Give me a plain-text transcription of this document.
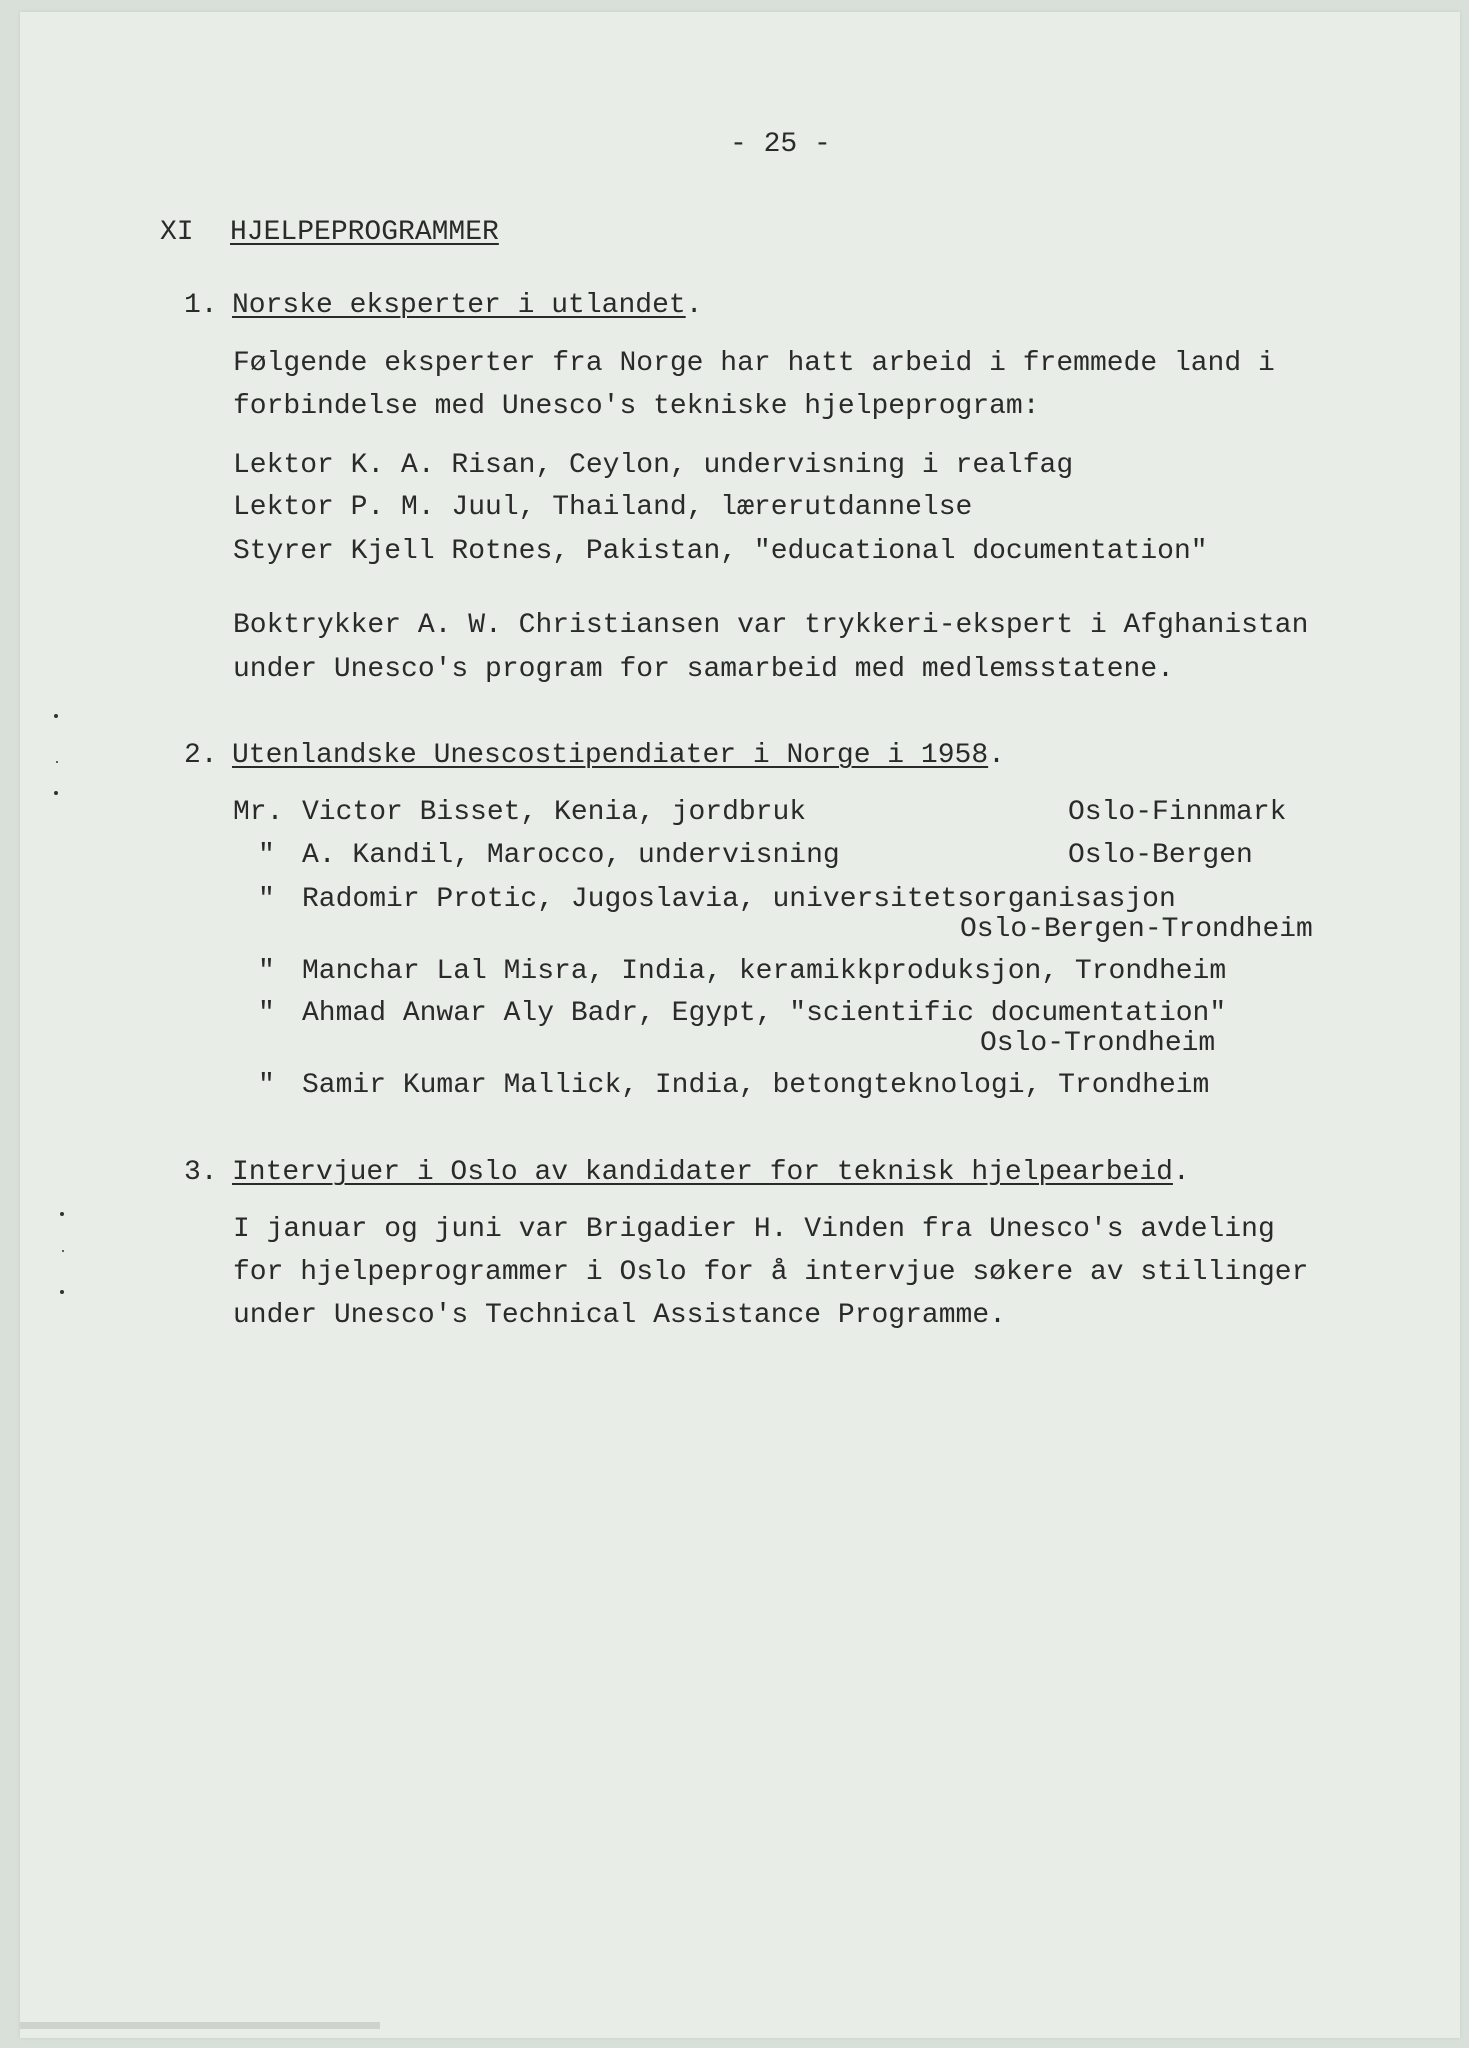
- 25 -
XI HJELPEPROGRAMMER
1. Norske eksperter i utlandet.
Følgende eksperter fra Norge har hatt arbeid i fremmede land i
forbindelse med Unesco's tekniske hjelpeprogram:
Lektor K. A. Risan, Ceylon, undervisning i realfag
Lektor P. M. Juul, Thailand, lærerutdannelse
Styrer Kjell Rotnes, Pakistan, "educational documentation"
Boktrykker A. W. Christiansen var trykkeri-ekspert i Afghanistan
under Unesco's program for samarbeid med medlemsstatene.
2. Utenlandske Unescostipendiater i Norge i 1958.
Mr. Victor Bisset, Kenia, jordbruk	Oslo-Finnmark
" A. Kandil, Marocco, undervisning	Oslo-Bergen
" Radomir Protic, Jugoslavia, universitetsorganisasjon
Oslo-Bergen-Trondheim
" Manchar Lal Misra, India, keramikkproduksjon, Trondheim
" Ahmad Anwar Aly Badr, Egypt, "scientific documentation"
Oslo-Trondheim
" Samir Kumar Mallick, India, betongteknologi, Trondheim
3. Intervjuer i Oslo av kandidater for teknisk hjelpearbeid.
I januar og juni var Brigadier H. Vinden fra Unesco's avdeling
for hjelpeprogrammer i Oslo for å intervjue søkere av stillinger
under Unesco's Technical Assistance Programme.
